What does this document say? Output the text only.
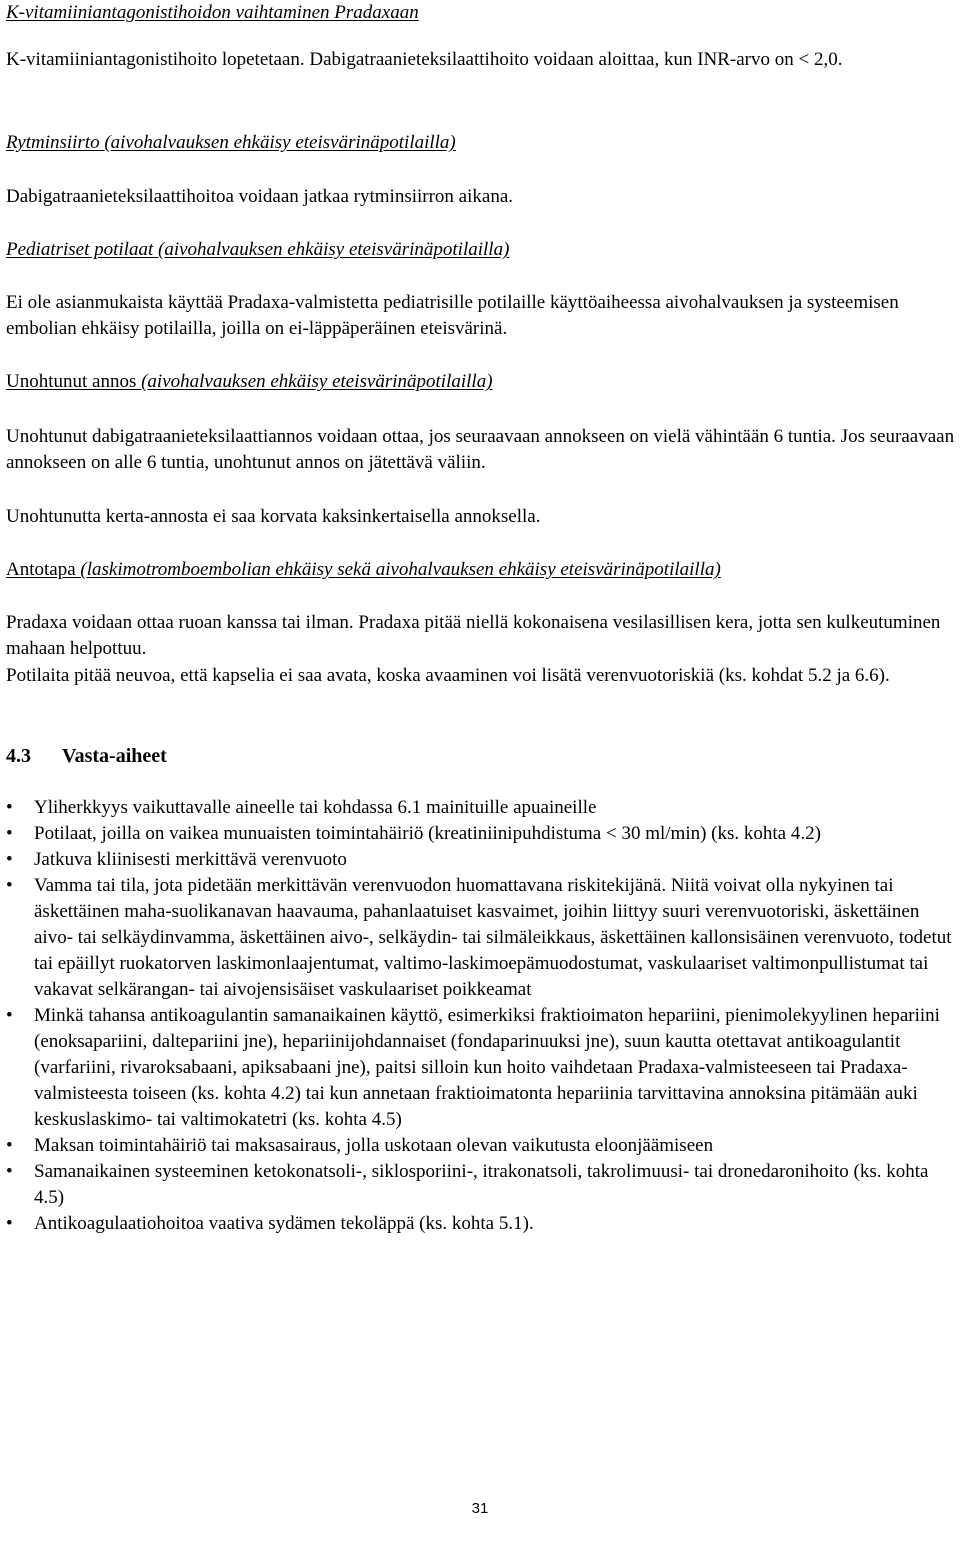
K-vitamiiniantagonistihoidon vaihtaminen Pradaxaan

K-vitamiiniantagonistihoito lopetetaan. Dabigatraanieteksilaattihoito voidaan aloittaa, kun INR-arvo on < 2,0.

Rytminsiirto (aivohalvauksen ehkäisy eteisvärinäpotilailla)

Dabigatraanieteksilaattihoitoa voidaan jatkaa rytminsiirron aikana.

Pediatriset potilaat (aivohalvauksen ehkäisy eteisvärinäpotilailla)

Ei ole asianmukaista käyttää Pradaxa-valmistetta pediatrisille potilaille käyttöaiheessa aivohalvauksen ja systeemisen embolian ehkäisy potilailla, joilla on ei-läppäperäinen eteisvärinä.

Unohtunut annos (aivohalvauksen ehkäisy eteisvärinäpotilailla)

Unohtunut dabigatraanieteksilaattiannos voidaan ottaa, jos seuraavaan annokseen on vielä vähintään 6 tuntia. Jos seuraavaan annokseen on alle 6 tuntia, unohtunut annos on jätettävä väliin.

Unohtunutta kerta-annosta ei saa korvata kaksinkertaisella annoksella.

Antotapa (laskimotromboembolian ehkäisy sekä aivohalvauksen ehkäisy eteisvärinäpotilailla)

Pradaxa voidaan ottaa ruoan kanssa tai ilman. Pradaxa pitää niellä kokonaisena vesilasillisen kera, jotta sen kulkeutuminen mahaan helpottuu.

Potilaita pitää neuvoa, että kapselia ei saa avata, koska avaaminen voi lisätä verenvuotoriskiä (ks. kohdat 5.2 ja 6.6).

4.3 Vasta-aiheet

• Yliherkkyys vaikuttavalle aineelle tai kohdassa 6.1 mainituille apuaineille
• Potilaat, joilla on vaikea munuaisten toimintahäiriö (kreatiniinipuhdistuma < 30 ml/min) (ks. kohta 4.2)
• Jatkuva kliinisesti merkittävä verenvuoto
• Vamma tai tila, jota pidetään merkittävän verenvuodon huomattavana riskitekijänä. Niitä voivat olla nykyinen tai äskettäinen maha-suolikanavan haavauma, pahanlaatuiset kasvaimet, joihin liittyy suuri verenvuotoriski, äskettäinen aivo- tai selkäydinvamma, äskettäinen aivo-, selkäydin- tai silmäleikkaus, äskettäinen kallonsisäinen verenvuoto, todetut tai epäillyt ruokatorven laskimonlaajentumat, valtimo-laskimoepämuodostumat, vaskulaariset valtimonpullistumat tai vakavat selkärangan- tai aivojensisäiset vaskulaariset poikkeamat
• Minkä tahansa antikoagulantin samanaikainen käyttö, esimerkiksi fraktioimaton hepariini, pienimolekyylinen hepariini (enoksapariini, daltepariini jne), hepariinijohdannaiset (fondaparinuuksi jne), suun kautta otettavat antikoagulantit (varfariini, rivaroksabaani, apiksabaani jne), paitsi silloin kun hoito vaihdetaan Pradaxa-valmisteeseen tai Pradaxa-valmisteesta toiseen (ks. kohta 4.2) tai kun annetaan fraktioimatonta hepariinia tarvittavina annoksina pitämään auki keskuslaskimo- tai valtimokatetri (ks. kohta 4.5)
• Maksan toimintahäiriö tai maksasairaus, jolla uskotaan olevan vaikutusta eloonjäämiseen
• Samanaikainen systeeminen ketokonatsoli-, siklosporiini-, itrakonatsoli, takrolimuusi- tai dronedaronihoito (ks. kohta 4.5)
• Antikoagulaatiohoitoa vaativa sydämen tekoläppä (ks. kohta 5.1).
31
